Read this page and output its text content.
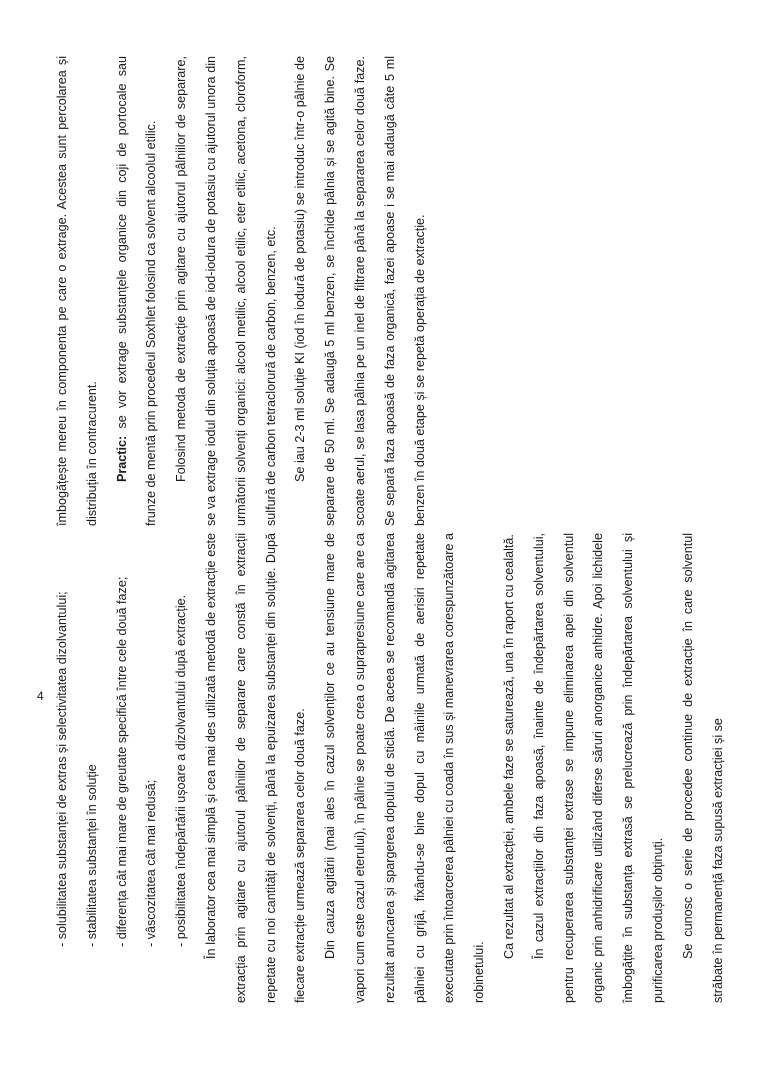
- solubilitatea substanței de extras și selectivitatea dizolvantului;	- stabilitatea substanței în soluție	- diferența cât mai mare de greutate specifică între cele două faze;	- vâscozitatea cât mai redusă;	- posibilitatea îndepărtării ușoare a dizolvantului după extracție.	În laborator cea mai simplă și cea mai des utilizată metodă de extracție este extracția prin agitare cu ajutorul pâlniilor de separare care constă în extracții repetate cu noi cantități de solvenți, până la epuizarea substanței din soluție. După fiecare extracție urmează separarea celor două faze.	Din cauza agitării (mai ales în cazul solvenților ce au tensiune mare de vapori cum este cazul eterului), în pâlnie se poate crea o suprapresiune care are ca rezultat aruncarea și spargerea dopului de sticlă. De aceea se recomandă agitarea pâlniei cu grijă, fixându-se bine dopul cu mâinile urmată de aerisiri repetate executate prin întoarcerea pâlniei cu coada în sus și manevrarea corespunzătoare a robinetului.

Ca rezultat al extracției, ambele faze se saturează, una în raport cu cealaltă.	În cazul extracțiilor din faza apoasă, înainte de îndepărtarea solventului, pentru recuperarea substanței extrase se impune eliminarea apei din solventul organic prin anhidrificare utilizând diferse săruri anorganice anhidre. Apoi lichidele îmbogățite în substanța extrasă se prelucrează prin îndepărtarea solventului și purificarea produșilor obținuți.	Se cunosc o serie de procedee continue de extracție în care solventul străbate în permanență faza supusă extracției și se

îmbogățește mereu în componenta pe care o extrage. Acestea sunt percolarea și distribuția în contracurent.	Practic: se vor extrage substanțele organice din coji de portocale sau frunze de mentă prin procedeul Soxhlet folosind ca solvent alcoolul etilic.	Folosind metoda de extracție prin agitare cu ajutorul pâlniilor de separare, se va extrage iodul din soluția apoasă de iod-iodura de potasiu cu ajutorul unora din următorii solvenți organici: alcool metilic, alcool etilic, eter etilic, acetona, cloroform, sulfură de carbon tetraclorură de carbon, benzen, etc.	Se iau 2-3 ml soluție KI (iod în iodură de potasiu) se introduc într-o pâlnie de separare de 50 ml. Se adaugă 5 ml benzen, se închide pâlnia și se agită bine. Se scoate aerul, se lasa pâlnia pe un inel de filtrare până la separarea celor două faze. Se separă faza apoasă de faza organică, fazei apoase i se mai adaugă câte 5 ml benzen în două etape și se repetă operația de extracție.

4
